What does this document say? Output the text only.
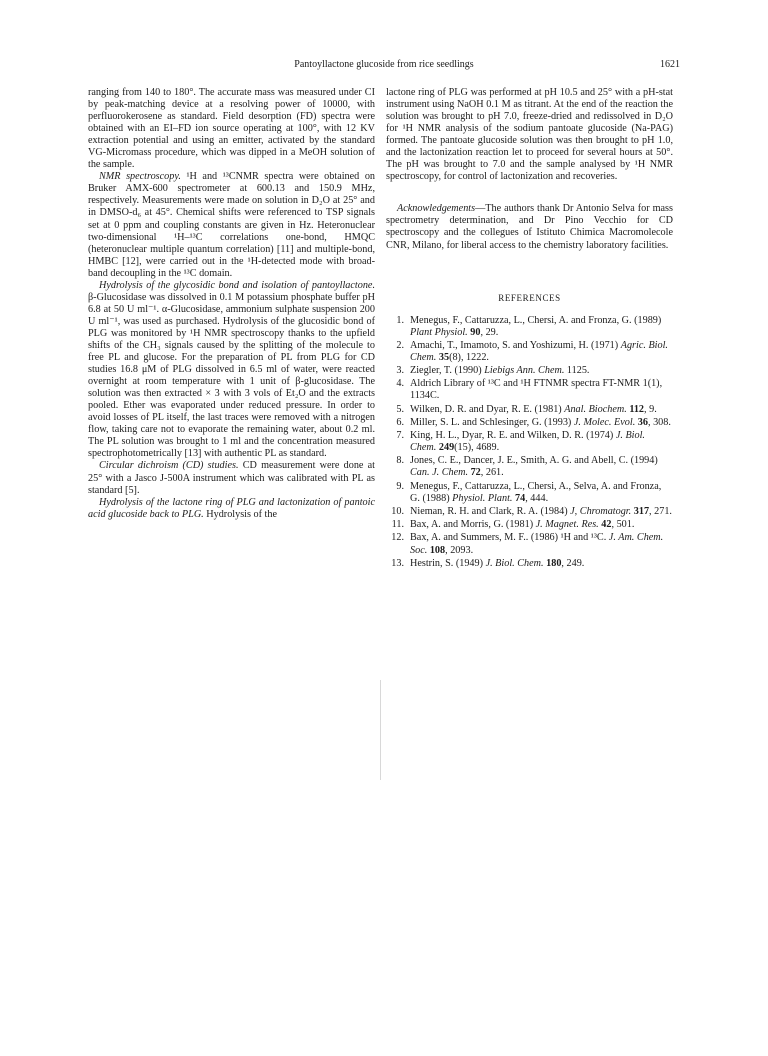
Pantoyllactone glucoside from rice seedlings	1621

ranging from 140 to 180°. The accurate mass was measured under CI by peak-matching device at a resolving power of 10000, with perfluorokerosene as standard. Field desorption (FD) spectra were obtained with an EI–FD ion source operating at 100°, with 12 KV extraction potential and using an emitter, activated by the standard VG-Micromass procedure, which was dipped in a MeOH solution of the sample.

NMR spectroscopy. ¹H and ¹³CNMR spectra were obtained on Bruker AMX-600 spectrometer at 600.13 and 150.9 MHz, respectively. Measurements were made on solution in D₂O at 25° and in DMSO-d₆ at 45°. Chemical shifts were referenced to TSP signals set at 0 ppm and coupling constants are given in Hz. Heteronuclear two-dimensional ¹H–¹³C correlations one-bond, HMQC (heteronuclear multiple quantum correlation) [11] and multiple-bond, HMBC [12], were carried out in the ¹H-detected mode with broad-band decoupling in the ¹³C domain.

Hydrolysis of the glycosidic bond and isolation of pantoyllactone. β-Glucosidase was dissolved in 0.1 M potassium phosphate buffer pH 6.8 at 50 U ml⁻¹. α-Glucosidase, ammonium sulphate suspension 200 U ml⁻¹, was used as purchased. Hydrolysis of the glucosidic bond of PLG was monitored by ¹H NMR spectroscopy thanks to the upfield shifts of the CH₃ signals caused by the splitting of the molecule to free PL and glucose. For the preparation of PL from PLG for CD studies 16.8 μM of PLG dissolved in 6.5 ml of water, were reacted overnight at room temperature with 1 unit of β-glucosidase. The solution was then extracted × 3 with 3 vols of Et₂O and the extracts pooled. Ether was evaporated under reduced pressure. In order to avoid losses of PL itself, the last traces were removed with a nitrogen flow, taking care not to evaporate the remaining water, about 0.2 ml. The PL solution was brought to 1 ml and the concentration measured spectrophotometrically [13] with authentic PL as standard.

Circular dichroism (CD) studies. CD measurement were done at 25° with a Jasco J-500A instrument which was calibrated with PL as standard [5].

Hydrolysis of the lactone ring of PLG and lactonization of pantoic acid glucoside back to PLG. Hydrolysis of the

lactone ring of PLG was performed at pH 10.5 and 25° with a pH-stat instrument using NaOH 0.1 M as titrant. At the end of the reaction the solution was brought to pH 7.0, freeze-dried and redissolved in D₂O for ¹H NMR analysis of the sodium pantoate glucoside (Na-PAG) formed. The pantoate glucoside solution was then brought to pH 1.0, and the lactonization reaction let to proceed for several hours at 50°. The pH was brought to 7.0 and the sample analysed by ¹H NMR spectroscopy, for control of lactonization and recoveries.

Acknowledgements—The authors thank Dr Antonio Selva for mass spectrometry determination, and Dr Pino Vecchio for CD spectroscopy and the collegues of Istituto Chimica Macromolecole CNR, Milano, for liberal access to the chemistry laboratory facilities.

REFERENCES
1. Menegus, F., Cattaruzza, L., Chersi, A. and Fronza, G. (1989) Plant Physiol. 90, 29.
2. Amachi, T., Imamoto, S. and Yoshizumi, H. (1971) Agric. Biol. Chem. 35(8), 1222.
3. Ziegler, T. (1990) Liebigs Ann. Chem. 1125.
4. Aldrich Library of ¹³C and ¹H FTNMR spectra FT-NMR 1(1), 1134C.
5. Wilken, D. R. and Dyar, R. E. (1981) Anal. Biochem. 112, 9.
6. Miller, S. L. and Schlesinger, G. (1993) J. Molec. Evol. 36, 308.
7. King, H. L., Dyar, R. E. and Wilken, D. R. (1974) J. Biol. Chem. 249(15), 4689.
8. Jones, C. E., Dancer, J. E., Smith, A. G. and Abell, C. (1994) Can. J. Chem. 72, 261.
9. Menegus, F., Cattaruzza, L., Chersi, A., Selva, A. and Fronza, G. (1988) Physiol. Plant. 74, 444.
10. Nieman, R. H. and Clark, R. A. (1984) J, Chromatogr. 317, 271.
11. Bax, A. and Morris, G. (1981) J. Magnet. Res. 42, 501.
12. Bax, A. and Summers, M. F.. (1986) ¹H and ¹³C. J. Am. Chem. Soc. 108, 2093.
13. Hestrin, S. (1949) J. Biol. Chem. 180, 249.
